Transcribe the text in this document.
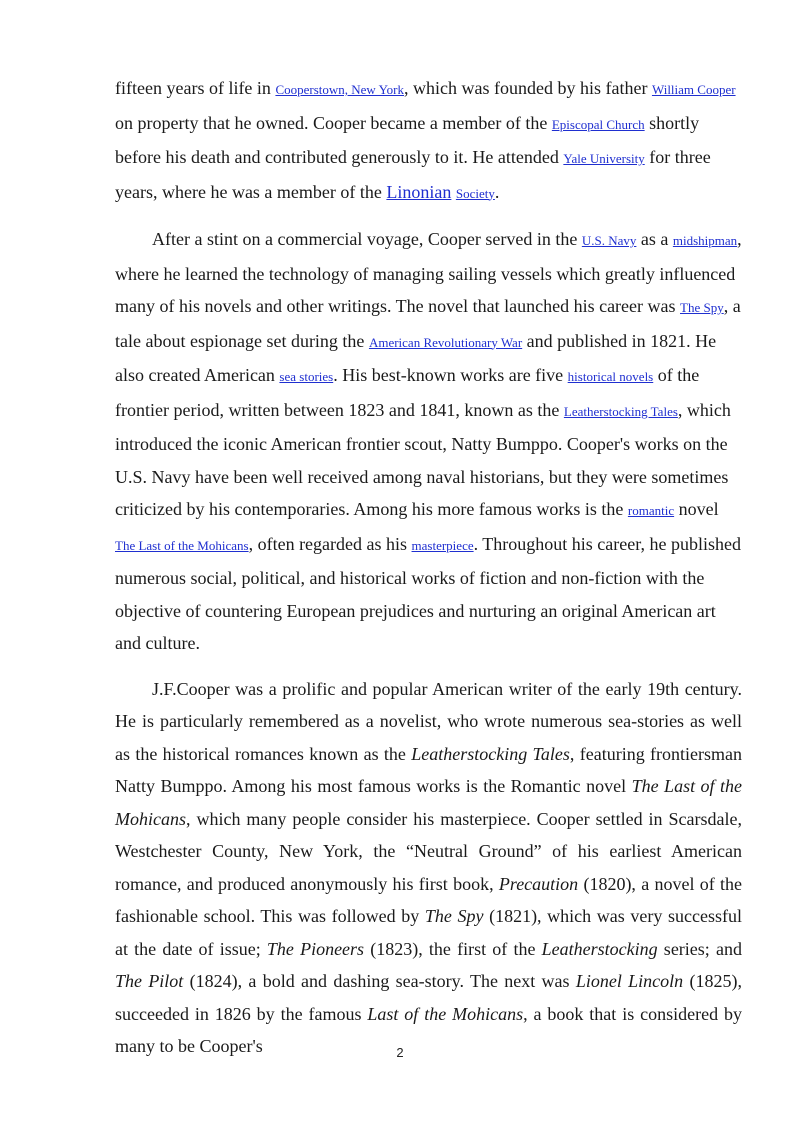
fifteen years of life in Cooperstown, New York, which was founded by his father William Cooper on property that he owned. Cooper became a member of the Episcopal Church shortly before his death and contributed generously to it. He attended Yale University for three years, where he was a member of the Linonian Society.

After a stint on a commercial voyage, Cooper served in the U.S. Navy as a midshipman, where he learned the technology of managing sailing vessels which greatly influenced many of his novels and other writings. The novel that launched his career was The Spy, a tale about espionage set during the American Revolutionary War and published in 1821. He also created American sea stories. His best-known works are five historical novels of the frontier period, written between 1823 and 1841, known as the Leatherstocking Tales, which introduced the iconic American frontier scout, Natty Bumppo. Cooper's works on the U.S. Navy have been well received among naval historians, but they were sometimes criticized by his contemporaries. Among his more famous works is the romantic novel The Last of the Mohicans, often regarded as his masterpiece. Throughout his career, he published numerous social, political, and historical works of fiction and non-fiction with the objective of countering European prejudices and nurturing an original American art and culture.

J.F.Cooper was a prolific and popular American writer of the early 19th century. He is particularly remembered as a novelist, who wrote numerous sea-stories as well as the historical romances known as the Leatherstocking Tales, featuring frontiersman Natty Bumppo. Among his most famous works is the Romantic novel The Last of the Mohicans, which many people consider his masterpiece. Cooper settled in Scarsdale, Westchester County, New York, the “Neutral Ground” of his earliest American romance, and produced anonymously his first book, Precaution (1820), a novel of the fashionable school. This was followed by The Spy (1821), which was very successful at the date of issue; The Pioneers (1823), the first of the Leatherstocking series; and The Pilot (1824), a bold and dashing sea-story. The next was Lionel Lincoln (1825), succeeded in 1826 by the famous Last of the Mohicans, a book that is considered by many to be Cooper's	2
